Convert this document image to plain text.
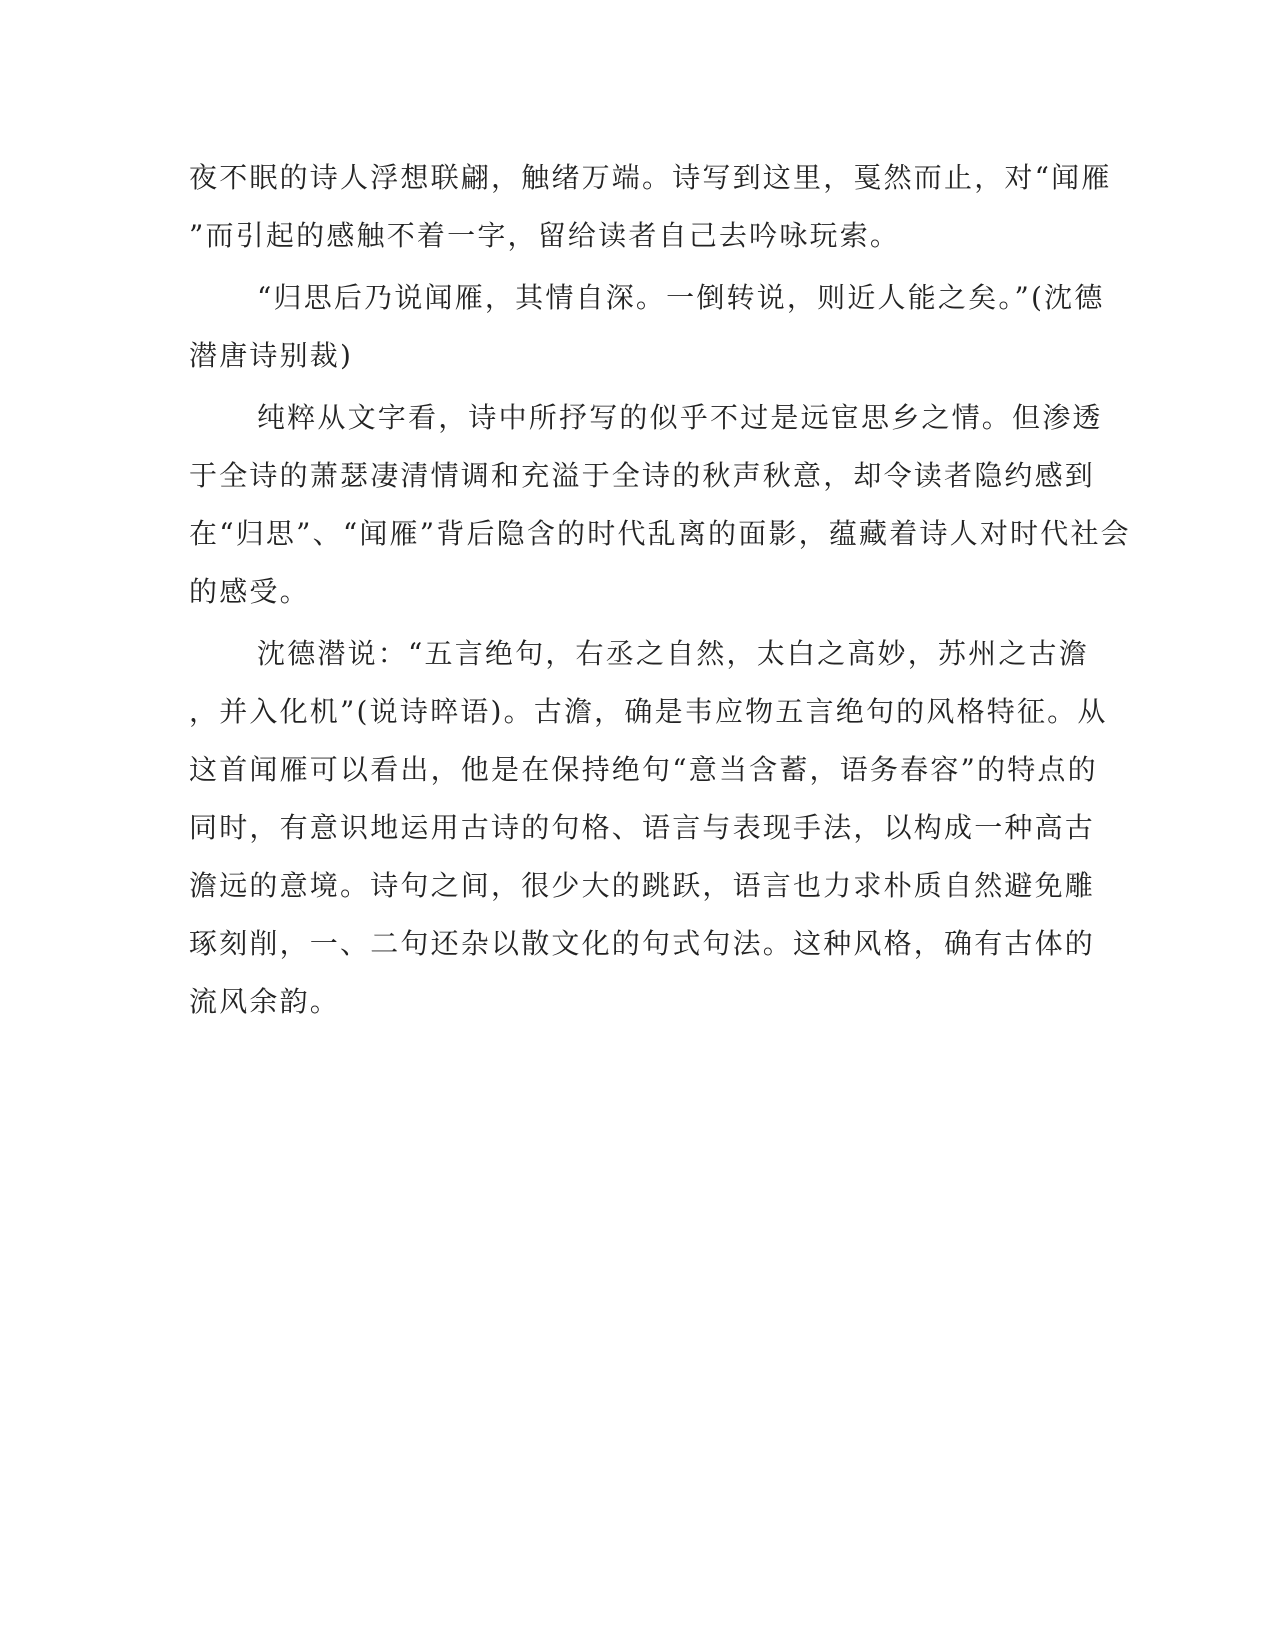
夜不眠的诗人浮想联翩，触绪万端。诗写到这里，戛然而止，对“闻雁
”而引起的感触不着一字，留给读者自己去吟咏玩索。
“归思后乃说闻雁，其情自深。一倒转说，则近人能之矣。”(沈德
潜唐诗别裁)
纯粹从文字看，诗中所抒写的似乎不过是远宦思乡之情。但渗透
于全诗的萧瑟凄清情调和充溢于全诗的秋声秋意，却令读者隐约感到
在“归思”、“闻雁”背后隐含的时代乱离的面影，蕴藏着诗人对时代社会
的感受。
沈德潜说：“五言绝句，右丞之自然，太白之高妙，苏州之古澹
，并入化机”(说诗晬语)。古澹，确是韦应物五言绝句的风格特征。从
这首闻雁可以看出，他是在保持绝句“意当含蓄，语务春容”的特点的
同时，有意识地运用古诗的句格、语言与表现手法，以构成一种高古
澹远的意境。诗句之间，很少大的跳跃，语言也力求朴质自然避免雕
琢刻削，一、二句还杂以散文化的句式句法。这种风格，确有古体的
流风余韵。
